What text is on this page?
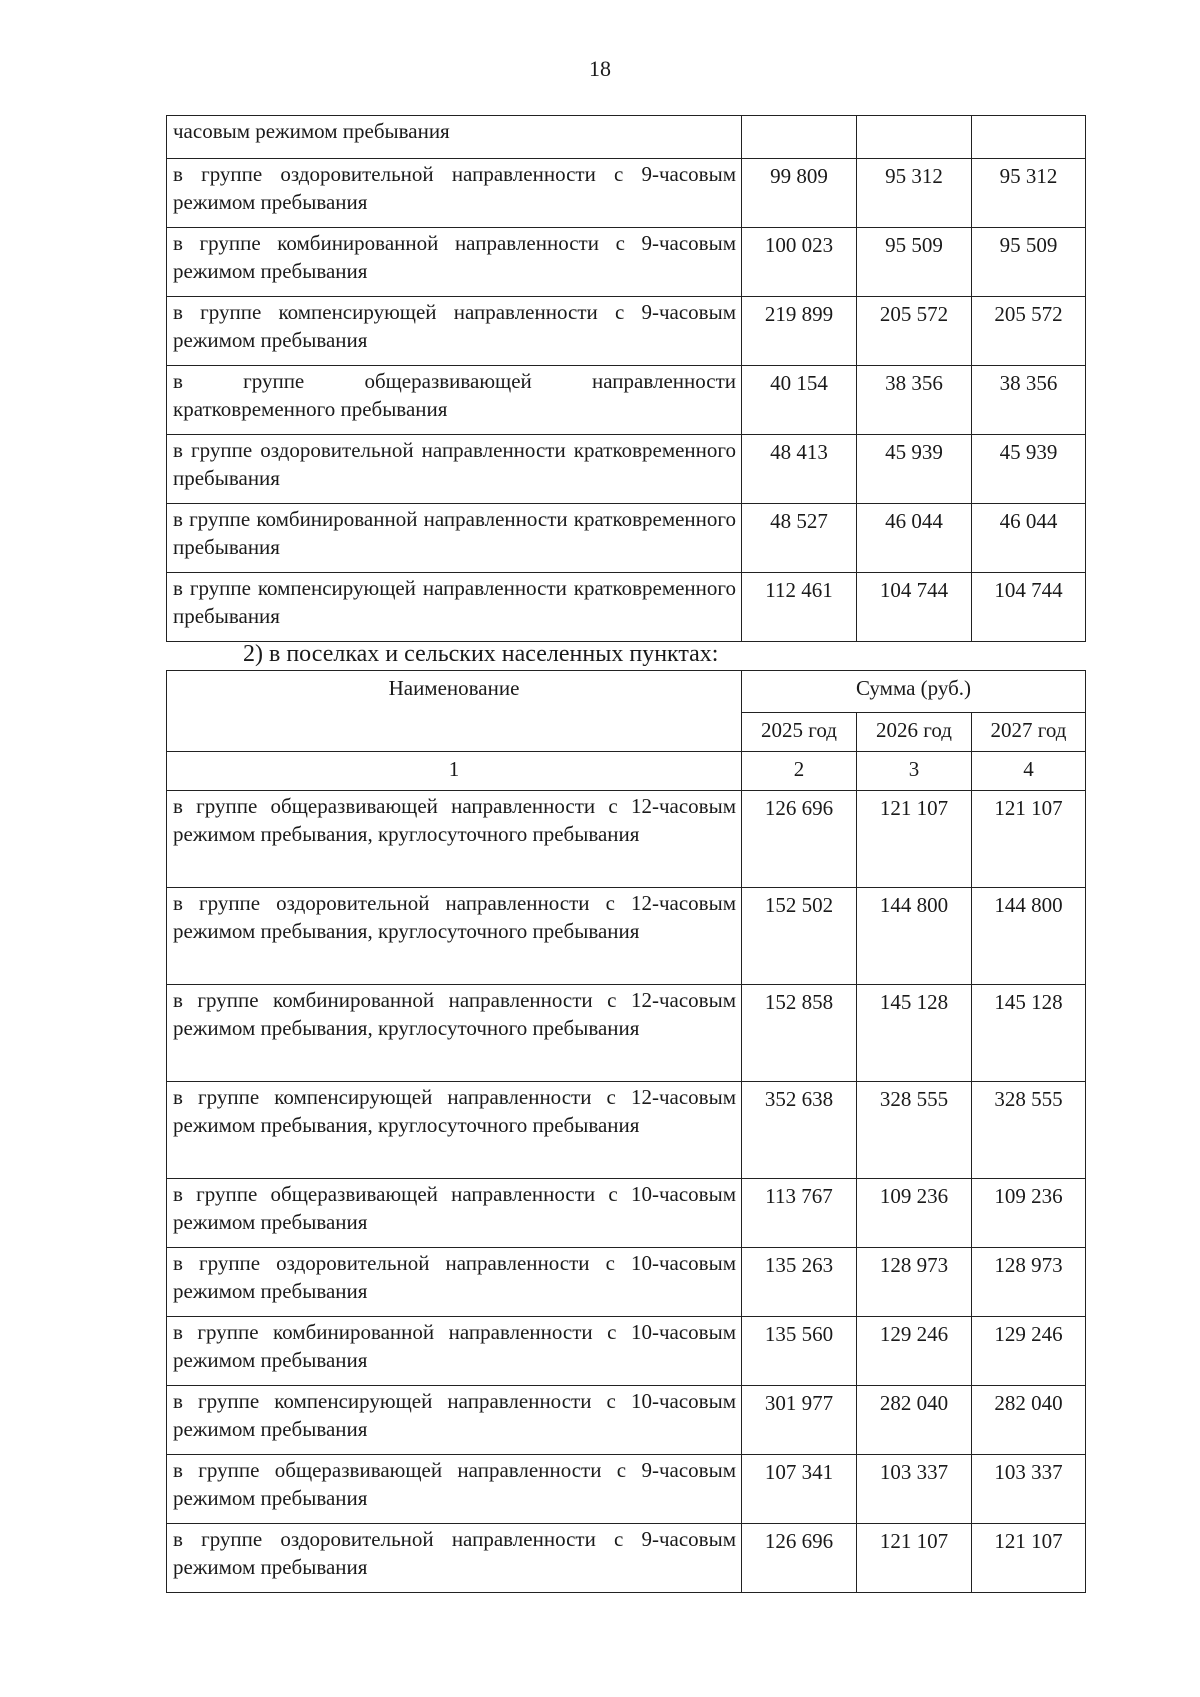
18
часовым режимом пребывания			
в группе оздоровительной направленности с 9-часовым режимом пребывания	99 809	95 312	95 312
в группе комбинированной направленности с 9-часовым режимом пребывания	100 023	95 509	95 509
в группе компенсирующей направленности с 9-часовым режимом пребывания	219 899	205 572	205 572
в группе общеразвивающей направленности кратковременного пребывания	40 154	38 356	38 356
в группе оздоровительной направленности кратковременного пребывания	48 413	45 939	45 939
в группе комбинированной направленности кратковременного пребывания	48 527	46 044	46 044
в группе компенсирующей направленности кратковременного пребывания	112 461	104 744	104 744
2) в поселках и сельских населенных пунктах:
Наименование	Сумма (руб.)		
	2025 год	2026 год	2027 год
1	2	3	4
в группе общеразвивающей направленности с 12-часовым режимом пребывания, круглосуточного пребывания	126 696	121 107	121 107
в группе оздоровительной направленности с 12-часовым режимом пребывания, круглосуточного пребывания	152 502	144 800	144 800
в группе комбинированной направленности с 12-часовым режимом пребывания, круглосуточного пребывания	152 858	145 128	145 128
в группе компенсирующей направленности с 12-часовым режимом пребывания, круглосуточного пребывания	352 638	328 555	328 555
в группе общеразвивающей направленности с 10-часовым режимом пребывания	113 767	109 236	109 236
в группе оздоровительной направленности с 10-часовым режимом пребывания	135 263	128 973	128 973
в группе комбинированной направленности с 10-часовым режимом пребывания	135 560	129 246	129 246
в группе компенсирующей направленности с 10-часовым режимом пребывания	301 977	282 040	282 040
в группе общеразвивающей направленности с 9-часовым режимом пребывания	107 341	103 337	103 337
в группе оздоровительной направленности с 9-часовым режимом пребывания	126 696	121 107	121 107
